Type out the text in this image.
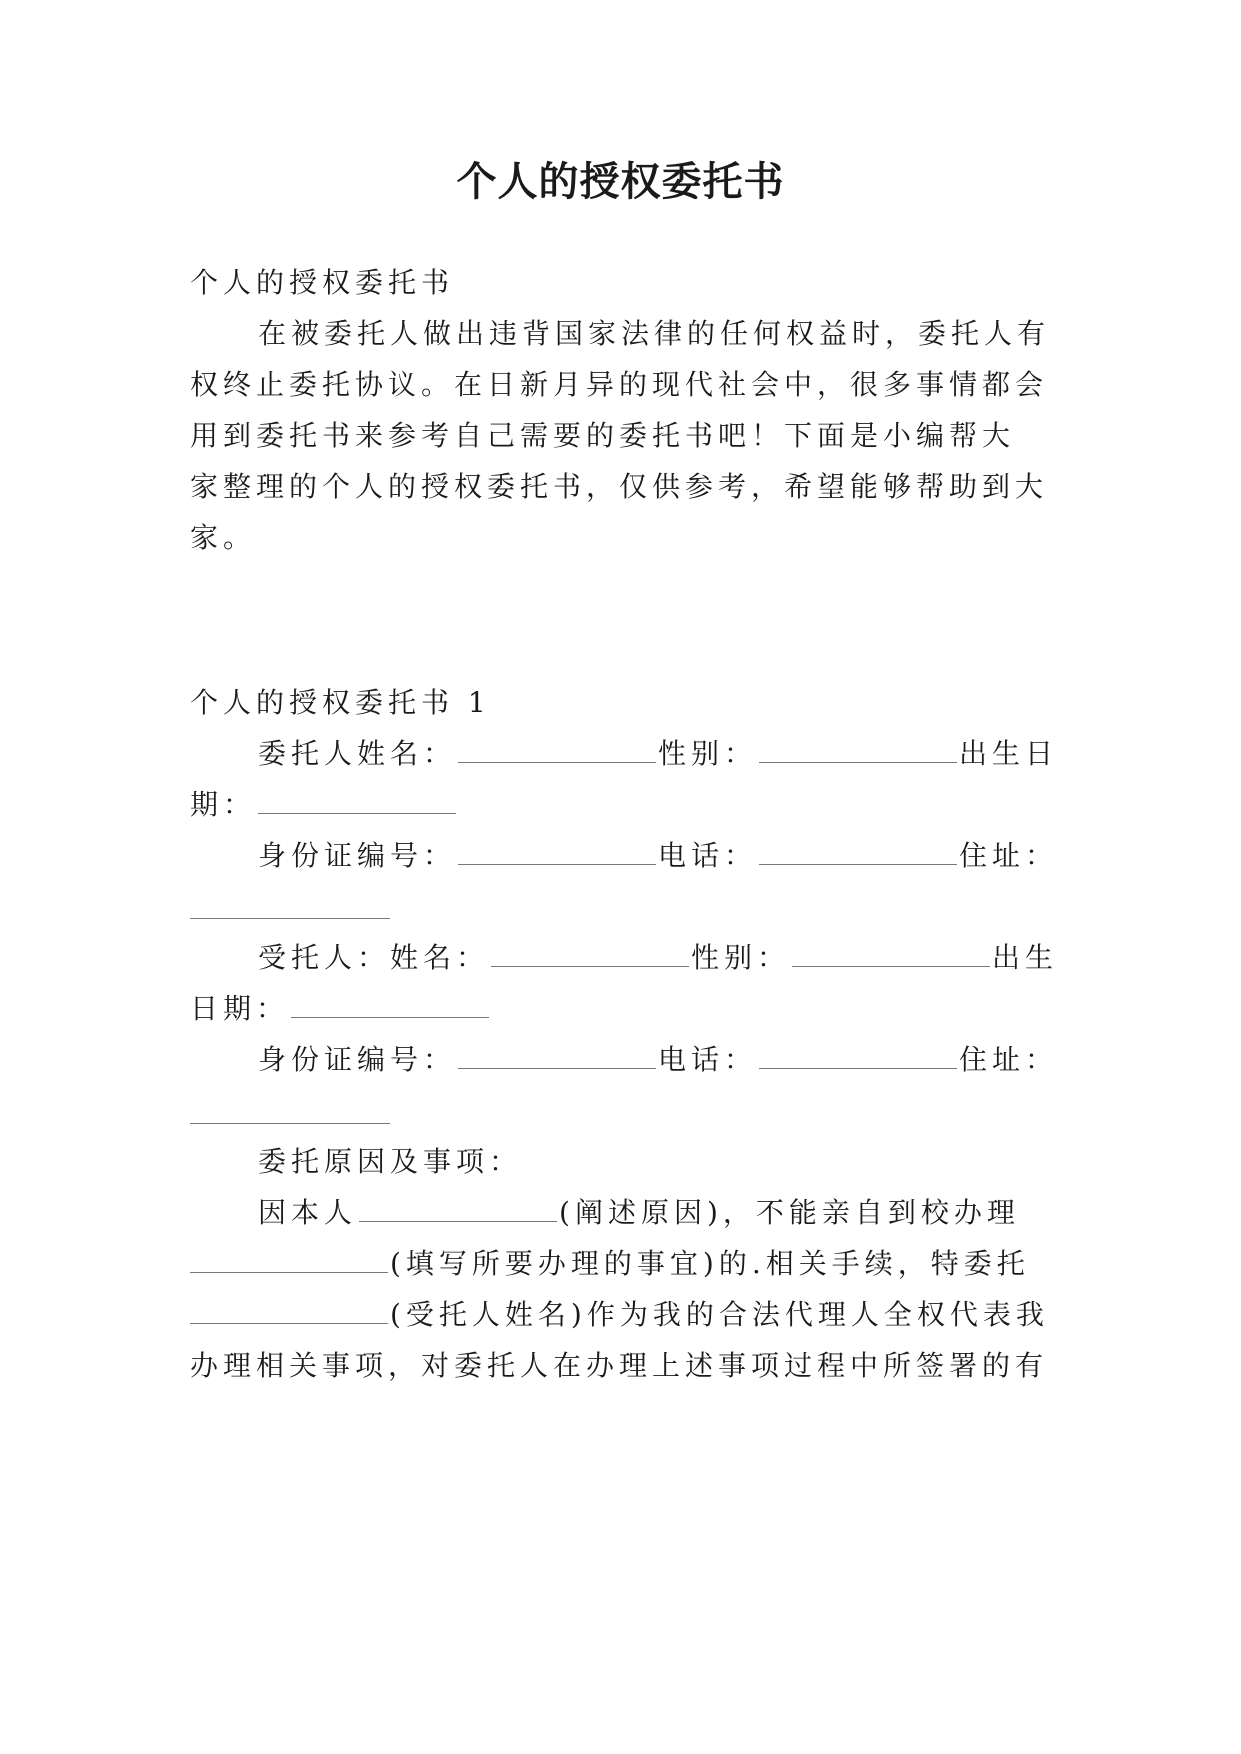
个人的授权委托书

个人的授权委托书

在被委托人做出违背国家法律的任何权益时，委托人有

权终止委托协议。在日新月异的现代社会中，很多事情都会

用到委托书来参考自己需要的委托书吧！下面是小编帮大

家整理的个人的授权委托书，仅供参考，希望能够帮助到大

家。

个人的授权委托书 1

委托人姓名：	性别：	出生日

期：

身份证编号：	电话：	住址：

受托人：姓名：	性别：	出生

日期：

身份证编号：	电话：	住址：

委托原因及事项：

因本人	(阐述原因)，不能亲自到校办理

(填写所要办理的事宜)的.相关手续，特委托

(受托人姓名)作为我的合法代理人全权代表我

办理相关事项，对委托人在办理上述事项过程中所签署的有
